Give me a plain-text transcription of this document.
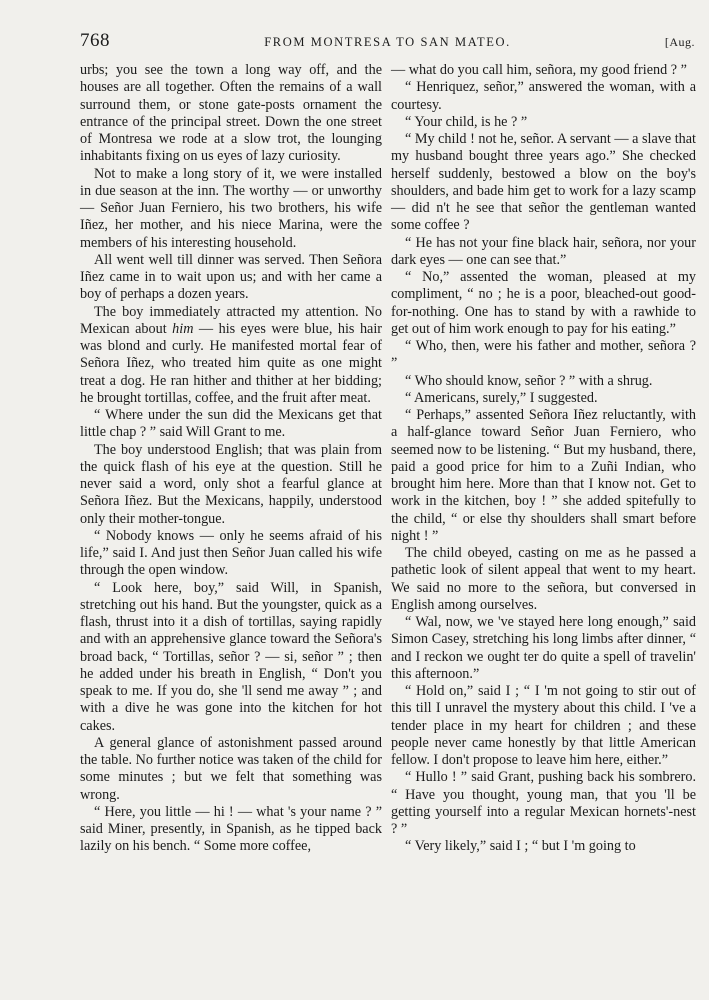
768	FROM MONTRESA TO SAN MATEO.	[Aug.

urbs; you see the town a long way off, and the houses are all together. Often the remains of a wall surround them, or stone gate-posts ornament the entrance of the principal street. Down the one street of Montresa we rode at a slow trot, the lounging inhabitants fixing on us eyes of lazy curiosity.

Not to make a long story of it, we were installed in due season at the inn. The worthy — or unworthy — Señor Juan Ferniero, his two brothers, his wife Iñez, her mother, and his niece Marina, were the members of his interesting household.

All went well till dinner was served. Then Señora Iñez came in to wait upon us; and with her came a boy of perhaps a dozen years.

The boy immediately attracted my attention. No Mexican about him — his eyes were blue, his hair was blond and curly. He manifested mortal fear of Señora Iñez, who treated him quite as one might treat a dog. He ran hither and thither at her bidding; he brought tortillas, coffee, and the fruit after meat.

“ Where under the sun did the Mexicans get that little chap ? ” said Will Grant to me.

The boy understood English; that was plain from the quick flash of his eye at the question. Still he never said a word, only shot a fearful glance at Señora Iñez. But the Mexicans, happily, understood only their mother-tongue.

“ Nobody knows — only he seems afraid of his life,” said I. And just then Señor Juan called his wife through the open window.

“ Look here, boy,” said Will, in Spanish, stretching out his hand. But the youngster, quick as a flash, thrust into it a dish of tortillas, saying rapidly and with an apprehensive glance toward the Señora's broad back, “ Tortillas, señor ? — si, señor ” ; then he added under his breath in English, “ Don't you speak to me. If you do, she 'll send me away ” ; and with a dive he was gone into the kitchen for hot cakes.

A general glance of astonishment passed around the table. No further notice was taken of the child for some minutes ; but we felt that something was wrong.

“ Here, you little — hi ! — what 's your name ? ” said Miner, presently, in Spanish, as he tipped back lazily on his bench. “ Some more coffee,

— what do you call him, señora, my good friend ? ”

“ Henriquez, señor,” answered the woman, with a courtesy.

“ Your child, is he ? ”

“ My child ! not he, señor. A servant — a slave that my husband bought three years ago.” She checked herself suddenly, bestowed a blow on the boy's shoulders, and bade him get to work for a lazy scamp — did n't he see that señor the gentleman wanted some coffee ?

“ He has not your fine black hair, señora, nor your dark eyes — one can see that.”

“ No,” assented the woman, pleased at my compliment, “ no ; he is a poor, bleached-out good-for-nothing. One has to stand by with a rawhide to get out of him work enough to pay for his eating.”

“ Who, then, were his father and mother, señora ? ”

“ Who should know, señor ? ” with a shrug.

“ Americans, surely,” I suggested.

“ Perhaps,” assented Señora Iñez reluctantly, with a half-glance toward Señor Juan Ferniero, who seemed now to be listening. “ But my husband, there, paid a good price for him to a Zuñi Indian, who brought him here. More than that I know not. Get to work in the kitchen, boy ! ” she added spitefully to the child, “ or else thy shoulders shall smart before night ! ”

The child obeyed, casting on me as he passed a pathetic look of silent appeal that went to my heart. We said no more to the señora, but conversed in English among ourselves.

“ Wal, now, we 've stayed here long enough,” said Simon Casey, stretching his long limbs after dinner, “ and I reckon we ought ter do quite a spell of travelin' this afternoon.”

“ Hold on,” said I ; “ I 'm not going to stir out of this till I unravel the mystery about this child. I 've a tender place in my heart for children ; and these people never came honestly by that little American fellow. I don't propose to leave him here, either.”

“ Hullo ! ” said Grant, pushing back his sombrero. “ Have you thought, young man, that you 'll be getting yourself into a regular Mexican hornets'-nest ? ”

“ Very likely,” said I ; “ but I 'm going to
